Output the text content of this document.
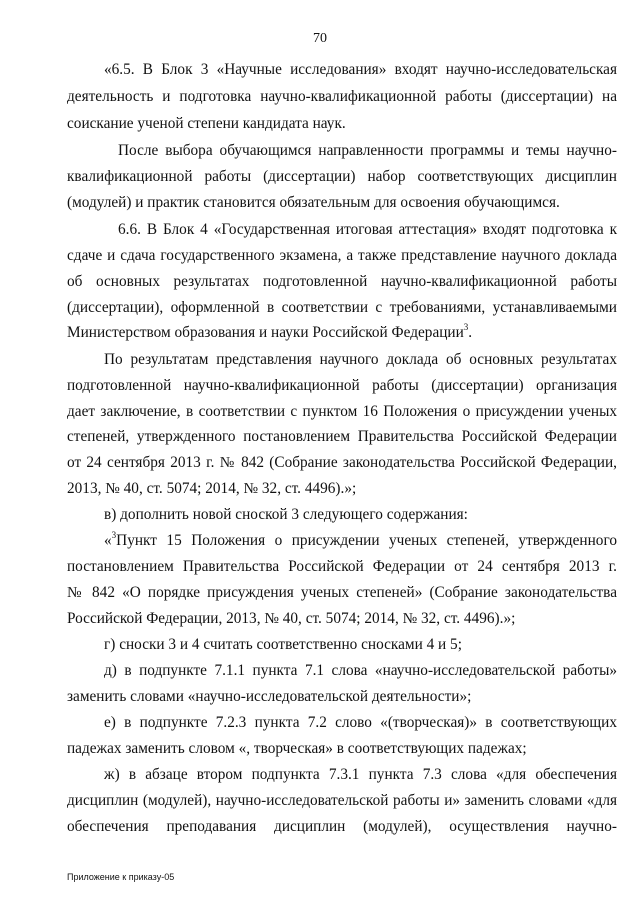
70
«6.5. В Блок 3 «Научные исследования» входят научно-исследовательская
деятельность и подготовка научно-квалификационной работы (диссертации) на
соискание ученой степени кандидата наук.
После выбора обучающимся направленности программы и темы научно-
квалификационной работы (диссертации) набор соответствующих дисциплин
(модулей) и практик становится обязательным для освоения обучающимся.
6.6. В Блок 4 «Государственная итоговая аттестация» входят подготовка к
сдаче и сдача государственного экзамена, а также представление научного доклада
об основных результатах подготовленной научно-квалификационной работы
(диссертации), оформленной в соответствии с требованиями, устанавливаемыми
Министерством образования и науки Российской Федерации$^3$.
По результатам представления научного доклада об основных результатах
подготовленной научно-квалификационной работы (диссертации) организация
дает заключение, в соответствии с пунктом 16 Положения о присуждении ученых
степеней, утвержденного постановлением Правительства Российской Федерации
от 24 сентября 2013 г. № 842 (Собрание законодательства Российской Федерации,
2013, № 40, ст. 5074; 2014, № 32, ст. 4496).»;
в) дополнить новой сноской 3 следующего содержания:
«$^3$Пункт 15 Положения о присуждении ученых степеней, утвержденного
постановлением Правительства Российской Федерации от 24 сентября 2013 г.
№ 842 «О порядке присуждения ученых степеней» (Собрание законодательства
Российской Федерации, 2013, № 40, ст. 5074; 2014, № 32, ст. 4496).»;
г) сноски 3 и 4 считать соответственно сносками 4 и 5;
д) в подпункте 7.1.1 пункта 7.1 слова «научно-исследовательской работы»
заменить словами «научно-исследовательской деятельности»;
е) в подпункте 7.2.3 пункта 7.2 слово «(творческая)» в соответствующих
падежах заменить словом «, творческая» в соответствующих падежах;
ж) в абзаце втором подпункта 7.3.1 пункта 7.3 слова «для обеспечения
дисциплин (модулей), научно-исследовательской работы и» заменить словами «для
обеспечения преподавания дисциплин (модулей), осуществления научно-
Приложение к приказу-05
